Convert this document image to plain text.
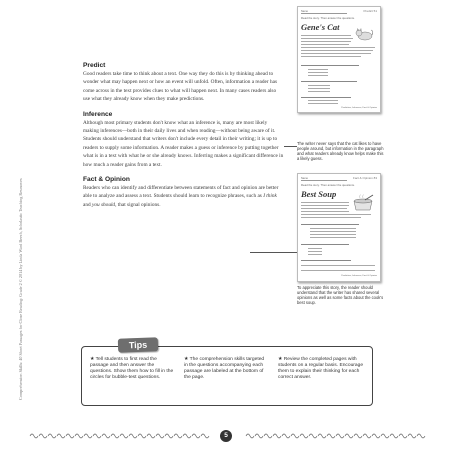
Comprehension Skills: 40 Short Passages for Close Reading: Grade 2 © 2014 by Linda Ward Beech, Scholastic Teaching Resources

Predict

Good readers take time to think about a text. One way they do this is by thinking ahead to wonder what may happen next or how an event will unfold. Often, information a reader has come across in the text provides clues to what will happen next. In many cases readers also use what they already know when they make predictions.

Inference

Although most primary students don't know what an inference is, many are most likely making inferences—both in their daily lives and when reading—without being aware of it. Students should understand that writers don't include every detail in their writing; it is up to readers to supply some information. A reader makes a guess or inference by putting together what is in a text with what he or she already knows. Inferring makes a significant difference in how much a reader gains from a text.

Fact & Opinion

Readers who can identify and differentiate between statements of fact and opinion are better able to analyze and assess a text. Students should learn to recognize phrases, such as I think and you should, that signal opinions.

Predict 51
Name
Read the story. Then answer the questions.
Gene's Cat
Prediction, Inference, Fact & Opinion
The writer never says that the cat likes to have people around, but information in the paragraph and what readers already know helps make this a likely guess.
Fact & Opinion 83
Name
Read the story. Then answer the questions.
Best Soup
Prediction, Inference, Fact & Opinion
To appreciate this story, the reader should understand that the writer has shared several opinions as well as some facts about the cook's best soup.
★ Tell students to first read the passage and then answer the questions. Show them how to fill in the circles for bubble-test questions.
★ The comprehension skills targeted in the questions accompanying each passage are labeled at the bottom of the page.
★ Review the completed pages with students on a regular basis. Encourage them to explain their thinking for each correct answer.
Tips
5
